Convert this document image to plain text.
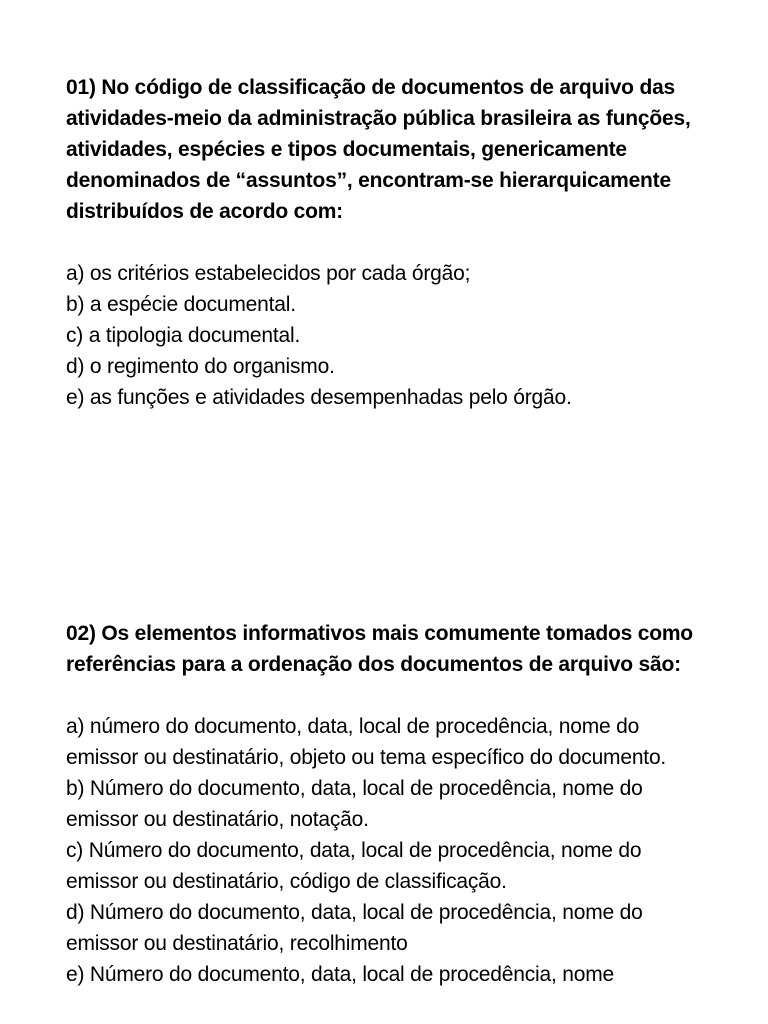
01) No código de classificação de documentos de arquivo das atividades-meio da administração pública brasileira as funções, atividades, espécies e tipos documentais, genericamente denominados de “assuntos”, encontram-se hierarquicamente distribuídos de acordo com:

a) os critérios estabelecidos por cada órgão;

b) a espécie documental.

c) a tipologia documental.

d) o regimento do organismo.

e) as funções e atividades desempenhadas pelo órgão.

02) Os elementos informativos mais comumente tomados como referências para a ordenação dos documentos de arquivo são:

a) número do documento, data, local de procedência, nome do emissor ou destinatário, objeto ou tema específico do documento.

b) Número do documento, data, local de procedência, nome do emissor ou destinatário, notação.

c) Número do documento, data, local de procedência, nome do emissor ou destinatário, código de classificação.

d) Número do documento, data, local de procedência, nome do emissor ou destinatário, recolhimento

e) Número do documento, data, local de procedência, nome
